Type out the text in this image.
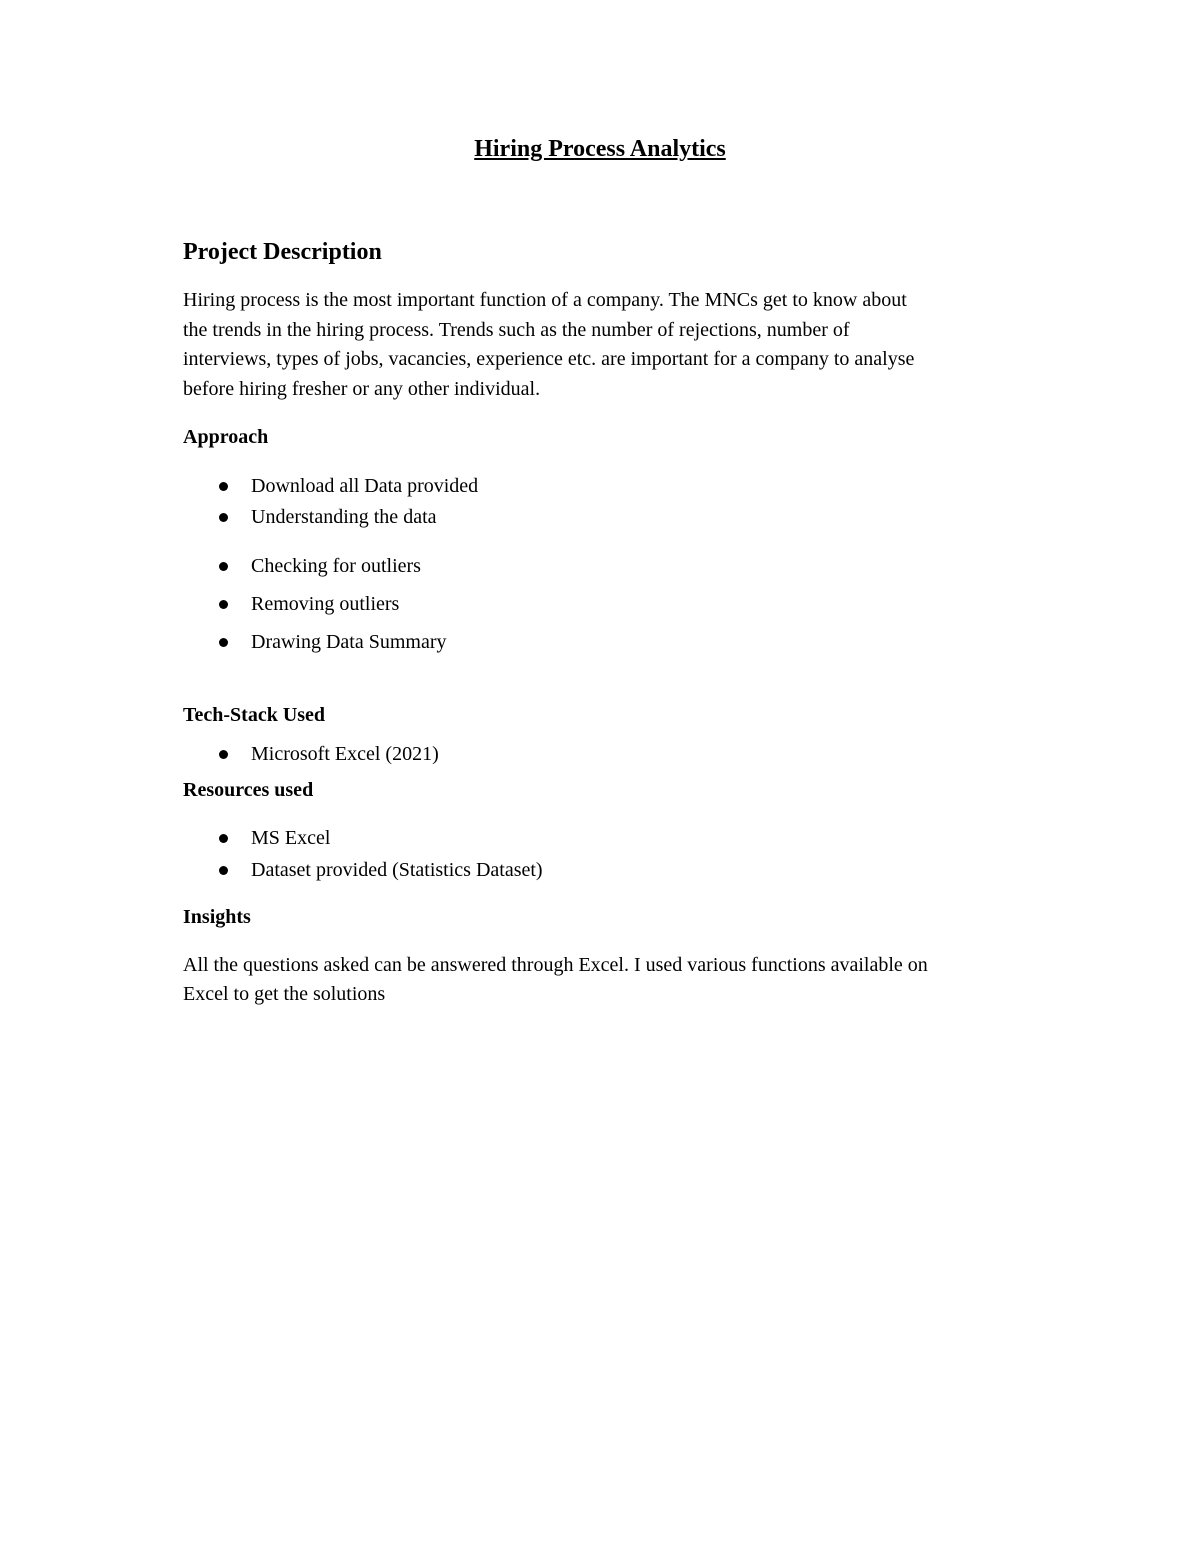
Hiring Process Analytics
Project Description

Hiring process is the most important function of a company. The MNCs get to know about

the trends in the hiring process. Trends such as the number of rejections, number of

interviews, types of jobs, vacancies, experience etc. are important for a company to analyse

before hiring fresher or any other individual.

Approach
Download all Data provided
Understanding the data
Checking for outliers
Removing outliers
Drawing Data Summary
Tech-Stack Used
Microsoft Excel (2021)
Resources used
MS Excel
Dataset provided (Statistics Dataset)
Insights

All the questions asked can be answered through Excel. I used various functions available on

Excel to get the solutions
